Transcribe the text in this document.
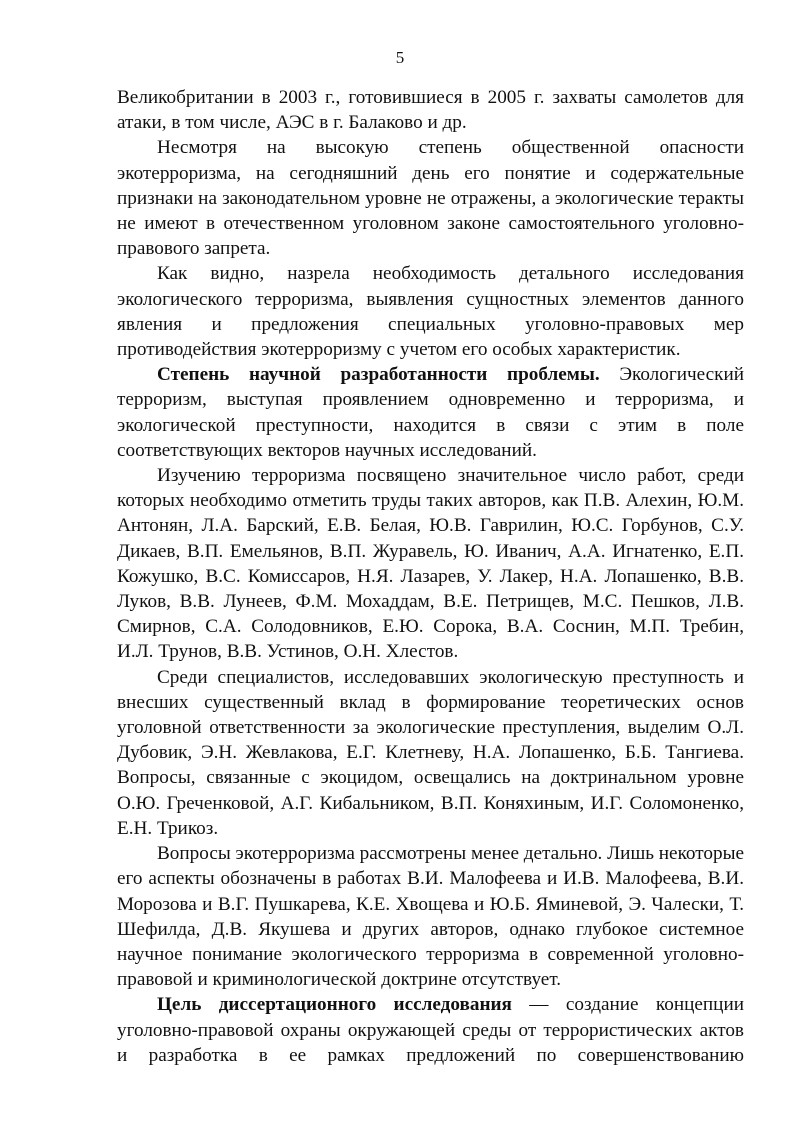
5

Великобритании в 2003 г., готовившиеся в 2005 г. захваты самолетов для атаки, в том числе, АЭС в г. Балаково и др.

Несмотря на высокую степень общественной опасности экотерроризма, на сегодняшний день его понятие и содержательные признаки на законодательном уровне не отражены, а экологические теракты не имеют в отечественном уголовном законе самостоятельного уголовно-правового запрета.

Как видно, назрела необходимость детального исследования экологического терроризма, выявления сущностных элементов данного явления и предложения специальных уголовно-правовых мер противодействия экотерроризму с учетом его особых характеристик.

Степень научной разработанности проблемы. Экологический терроризм, выступая проявлением одновременно и терроризма, и экологической преступности, находится в связи с этим в поле соответствующих векторов научных исследований.

Изучению терроризма посвящено значительное число работ, среди которых необходимо отметить труды таких авторов, как П.В. Алехин, Ю.М. Антонян, Л.А. Барский, Е.В. Белая, Ю.В. Гаврилин, Ю.С. Горбунов, С.У. Дикаев, В.П. Емельянов, В.П. Журавель, Ю. Иванич, А.А. Игнатенко, Е.П. Кожушко, В.С. Комиссаров, Н.Я. Лазарев, У. Лакер, Н.А. Лопашенко, В.В. Луков, В.В. Лунеев, Ф.М. Мохаддам, В.Е. Петрищев, М.С. Пешков, Л.В. Смирнов, С.А. Солодовников, Е.Ю. Сорока, В.А. Соснин, М.П. Требин, И.Л. Трунов, В.В. Устинов, О.Н. Хлестов.

Среди специалистов, исследовавших экологическую преступность и внесших существенный вклад в формирование теоретических основ уголовной ответственности за экологические преступления, выделим О.Л. Дубовик, Э.Н. Жевлакова, Е.Г. Клетневу, Н.А. Лопашенко, Б.Б. Тангиева. Вопросы, связанные с экоцидом, освещались на доктринальном уровне О.Ю. Греченковой, А.Г. Кибальником, В.П. Коняхиным, И.Г. Соломоненко, Е.Н. Трикоз.

Вопросы экотерроризма рассмотрены менее детально. Лишь некоторые его аспекты обозначены в работах В.И. Малофеева и И.В. Малофеева, В.И. Морозова и В.Г. Пушкарева, К.Е. Хвощева и Ю.Б. Яминевой, Э. Чалески, Т. Шефилда, Д.В. Якушева и других авторов, однако глубокое системное научное понимание экологического терроризма в современной уголовно-правовой и криминологической доктрине отсутствует.

Цель диссертационного исследования — создание концепции уголовно-правовой охраны окружающей среды от террористических актов и разработка в ее рамках предложений по совершенствованию
